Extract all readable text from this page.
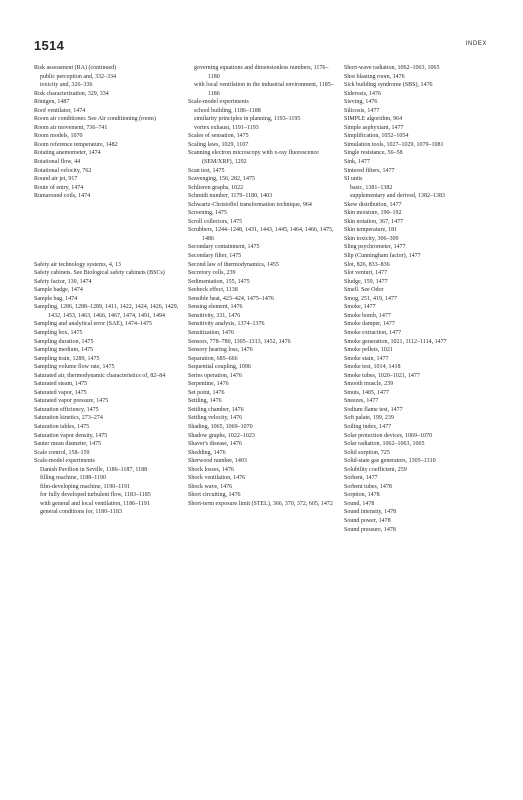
1514	INDEX
Risk assessment (RA) (continued)
public perception and, 332–334
toxicity and, 326–336
Risk characterization, 329, 334
Röntgen, 1487
Roof ventilator, 1474
Room air conditioner. See Air conditioning (room)
Room air movement, 736–741
Room models, 1070
Room reference temperature, 1482
Rotating anemometer, 1474
Rotational flow, 44
Rotational velocity, 762
Round air jet, 917
Route of entry, 1474
Rumaround coils, 1474
Safety air technology systems, 4, 13
Safety cabinets. See Biological safety cabinets (BSCs)
Safety factor, 130, 1474
Sample badge, 1474
Sample bag, 1474
Sampling, 1286, 1288–1289, 1411, 1422, 1424, 1426, 1429, 1432, 1453, 1463, 1466, 1467, 1474, 1491, 1494
Sampling and analytical error (SAE), 1474–1475
Sampling box, 1475
Sampling duration, 1475
Sampling medium, 1475
Sampling train, 1289, 1475
Sampling volume flow rate, 1475
Saturated air, thermodynamic characteristics of, 82–84
Saturated steam, 1475
Saturated vapor, 1475
Saturated vapor pressure, 1475
Saturation efficiency, 1475
Saturation kinetics, 273–274
Saturation tables, 1475
Saturation vapor density, 1475
Sauter mean diameter, 1475
Scale control, 158–159
Scale-model experiments
Danish Pavilion in Seville, 1186–1187, 1188
filling machine, 1188–1190
film-developing machine, 1190–1191
for fully developed turbulent flow, 1183–1185
with general and local ventilation, 1186–1191
general conditions for, 1180–1183
governing equations and dimensionless numbers, 1176–1180
with local ventilation in the industrial environment, 1185–1186
Scale-model experiments
school building, 1186–1188
similarity principles in planning, 1193–1195
vortex exhaust, 1191–1193
Scales of sensation, 1475
Scaling laws, 1029, 1107
Scanning electron microscopy with x-ray fluorescence (SEM/XRF), 1292
Scan test, 1475
Scavenging, 156, 282, 1475
Schlieren graphs, 1022
Schmidt number, 1179–1180, 1403
Schwartz-Christoffel transformation technique, 964
Screening, 1475
Scroll collectors, 1475
Scrubbers, 1244–1248, 1431, 1443, 1445, 1464, 1466, 1475, 1486
Secondary containment, 1475
Secondary filter, 1475
Second law of thermodynamics, 1455
Secretory cells, 239
Sedimentation, 155, 1475
Seebeck effect, 1138
Sensible heat, 423–424, 1475–1476
Sensing element, 1476
Sensitivity, 331, 1476
Sensitivity analysis, 1374–1376
Sensitization, 1476
Sensors, 778–780, 1305–1313, 1452, 1476
Sensory hearing loss, 1476
Separation, 685–666
Sequential coupling, 1096
Series operation, 1476
Serpentine, 1476
Set point, 1476
Settling, 1476
Settling chamber, 1476
Settling velocity, 1476
Shading, 1065, 1069–1070
Shadow graphs, 1022–1023
Shaver's disease, 1476
Shedding, 1476
Sherwood number, 1403
Shock losses, 1476
Shock ventilation, 1476
Shock wave, 1476
Short circuiting, 1476
Short-term exposure limit (STEL), 366, 370, 372, 605, 1472
Short-wave radiation, 1062–1063, 1065
Shot blasting room, 1476
Sick building syndrome (SBS), 1476
Siderosis, 1476
Sieving, 1476
Silicosis, 1477
SIMPLE algorithm, 964
Simple asphyxiant, 1477
Simplification, 1052–1054
Simulation tools, 1027–1029, 1079–1081
Single resistance, 56–58
Sink, 1477
Sintered filters, 1477
SI units
basic, 1381–1382
supplementary and derived, 1382–1383
Skew distribution, 1477
Skin moisture, 190–192
Skin notation, 367, 1477
Skin temperature, 181
Skin toxicity, 306–309
Sling psychrometer, 1477
Slip (Cunningham factor), 1477
Slot, 826, 833–836
Slot venturi, 1477
Sludge, 159, 1477
Smell. See Odor
Smog, 251, 419, 1477
Smoke, 1477
Smoke bomb, 1477
Smoke damper, 1477
Smoke extraction, 1477
Smoke generation, 1021, 1112–1114, 1477
Smoke pellets, 1021
Smoke stain, 1477
Smoke test, 1014, 1418
Smoke tubes, 1020–1021, 1477
Smooth muscle, 239
Smuts, 1405, 1477
Sneezes, 1477
Sodium flame test, 1477
Soft palate, 199, 239
Soiling index, 1477
Solar protection devices, 1069–1070
Solar radiation, 1062–1063, 1065
Solid sorption, 725
Solid-state gas generators, 1305–1310
Solubility coefficient, 259
Sorbent, 1477
Sorbent tubes, 1478
Sorption, 1478
Sound, 1478
Sound intensity, 1478
Sound power, 1478
Sound pressure, 1478
